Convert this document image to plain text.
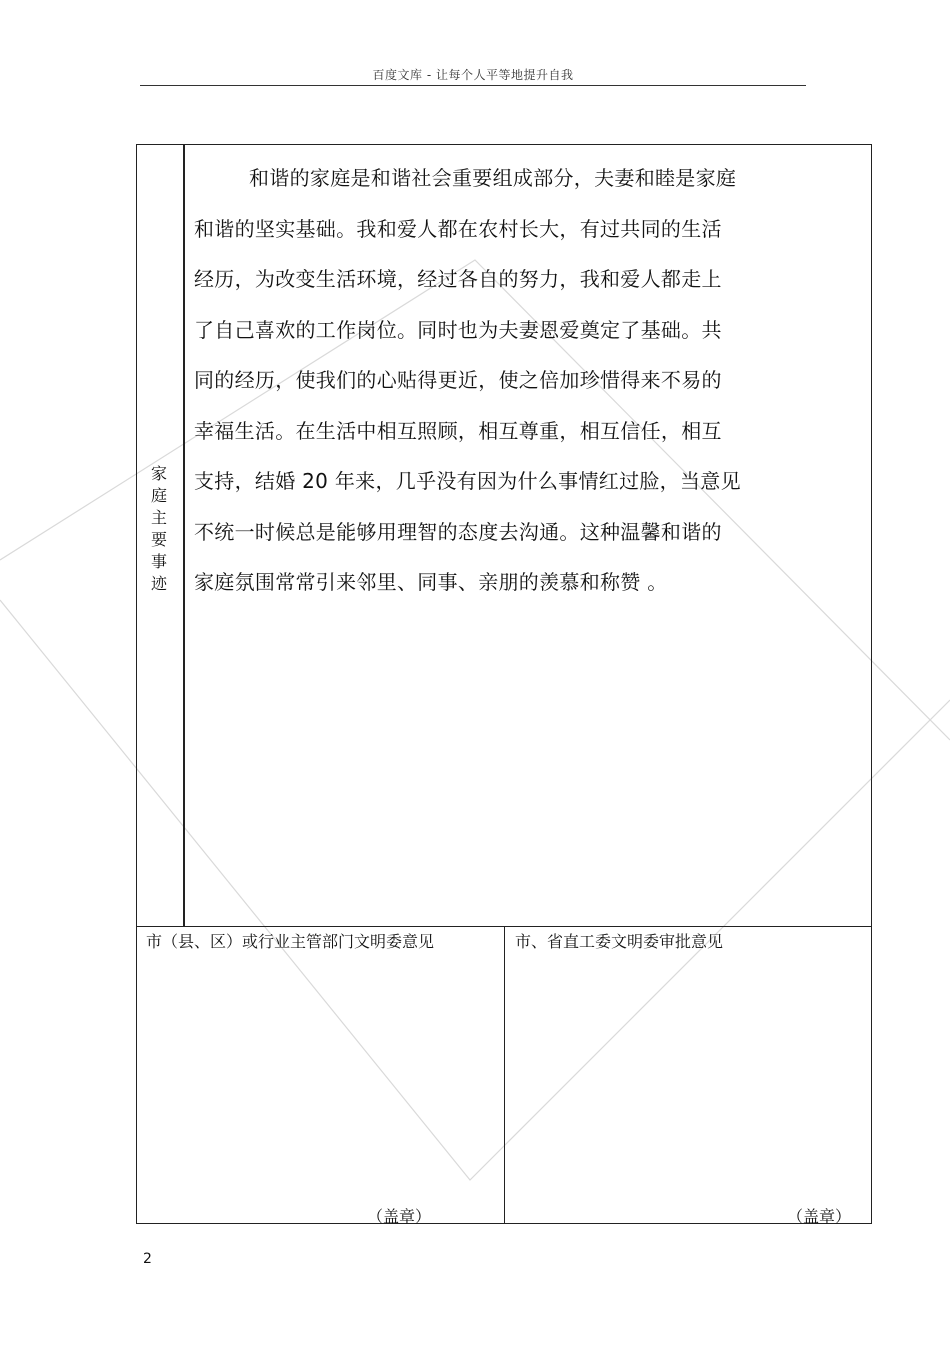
百度文库 - 让每个人平等地提升自我
家庭主要事迹

和谐的家庭是和谐社会重要组成部分，夫妻和睦是家庭

和谐的坚实基础。我和爱人都在农村长大，有过共同的生活

经历，为改变生活环境，经过各自的努力，我和爱人都走上

了自己喜欢的工作岗位。同时也为夫妻恩爱奠定了基础。共

同的经历，使我们的心贴得更近，使之倍加珍惜得来不易的

幸福生活。在生活中相互照顾，相互尊重，相互信任，相互

支持，结婚 20 年来，几乎没有因为什么事情红过脸，当意见

不统一时候总是能够用理智的态度去沟通。这种温馨和谐的

家庭氛围常常引来邻里、同事、亲朋的羡慕和称赞 。

市（县、区）或行业主管部门文明委意见	市、省直工委文明委审批意见
（盖章）	（盖章）
2
